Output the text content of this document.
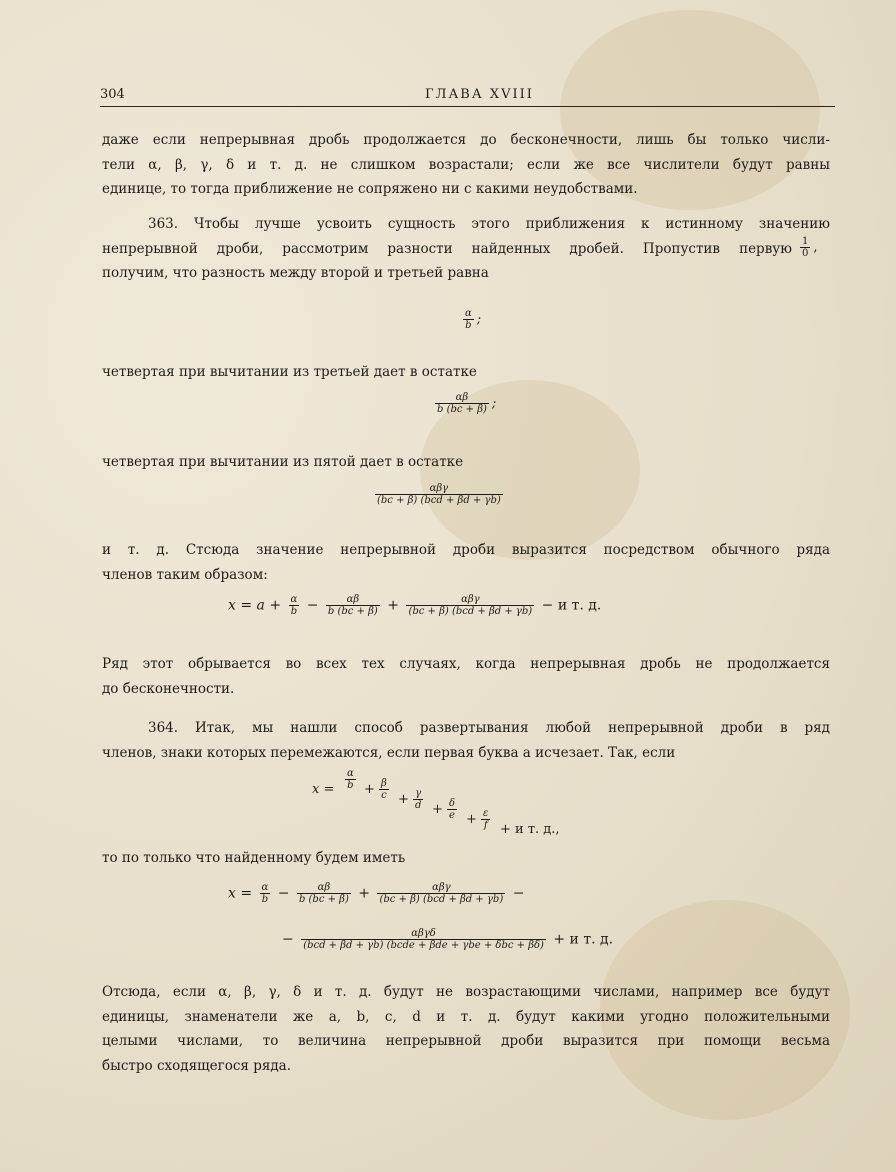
304	ГЛАВА XVIII
даже если непрерывная дробь продолжается до бесконечности, лишь бы только числи-
тели α, β, γ, δ и т. д. не слишком возрастали; если же все числители будут равны
единице, то тогда приближение не сопряжено ни с какими неудобствами.
363. Чтобы лучше усвоить сущность этого приближения к истинному значению
непрерывной дроби, рассмотрим разности найденных дробей. Пропустив первую
получим, что разность между второй и третьей равна
$\frac{1}{0}$ ,
$\frac{\alpha}{b}$ ;
четвертая при вычитании из третьей дает в остатке
$\frac{\alpha\beta}{b (bc + \beta)}$ ;
четвертая при вычитании из пятой дает в остатке
$\frac{\text{αβγ}}{\text{(bc + β) (bcd + βd + γb)}}$
и т. д. Стсюда значение непрерывной дроби выразится посредством обычного ряда
членов таким образом:
$x = a + \frac{\alpha}{b} - \frac{\alpha\beta}{b (bc + \beta)} + \frac{\text{αβγ}}{\text{(bc + β) (bcd + βd + γb)}} - и$ т. д.
Ряд этот обрывается во всех тех случаях, когда непрерывная дробь не продолжается
до бесконечности.
364. Итак, мы нашли способ развертывания любой непрерывной дроби в ряд
членов, знаки которых перемежаются, если первая буква a исчезает. Так, если
$x = \frac{\alpha}{b} + \frac{\beta}{c} + \frac{\gamma}{d} + \frac{\delta}{e} + \frac{\varepsilon}{f} + и$ т. д.,
то по только что найденному будем иметь
$x = \frac{\alpha}{b} - \frac{\alpha\beta}{b (bc + \beta)} + \frac{\text{αβγ}}{\text{(bc + β) (bcd + βd + γb)}}$ −
− $\frac{\text{αβγδ}}{\text{(bcd + βd + γb) (bcde + βde + γbe + δbc + βδ)}} + и$ т. д.
Отсюда, если α, β, γ, δ и т. д. будут не возрастающими числами, например все будут
единицы, знаменатели же a, b, c, d и т. д. будут какими угодно положительными
целыми числами, то величина непрерывной дроби выразится при помощи весьма
быстро сходящегося ряда.
